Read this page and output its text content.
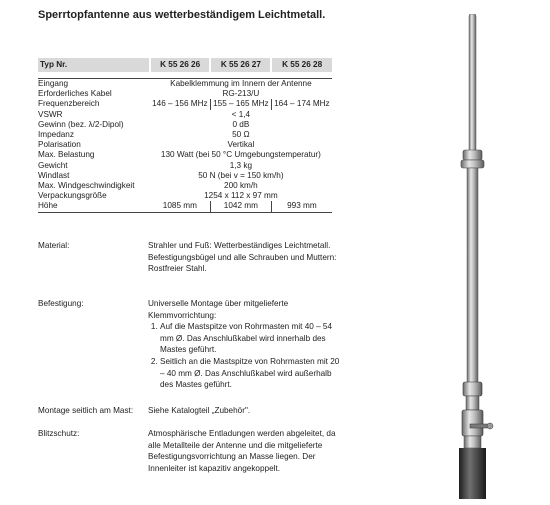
Sperrtopfantenne aus wetterbeständigem Leichtmetall.
Typ Nr.	K 55 26 26	K 55 26 27	K 55 26 28

Eingang	Kabelklemmung im Innern der Antenne		
Erforderliches Kabel	RG-213/U		
Frequenzbereich	146 – 156 MHz	155 – 165 MHz	164 – 174 MHz
VSWR	< 1,4		
Gewinn (bez. λ/2-Dipol)	0 dB		
Impedanz	50 Ω		
Polarisation	Vertikal		
Max. Belastung	130 Watt (bei 50 °C Umgebungstemperatur)		
Gewicht	1,3 kg		
Windlast	50 N (bei v = 150 km/h)		
Max. Windgeschwindigkeit	200 km/h		
Verpackungsgröße	1254 x 112 x 97 mm		
Höhe	1085 mm	1042 mm	993 mm
Material:	Strahler und Fuß: Wetterbeständiges Leichtmetall.

Befestigungsbügel und alle Schrauben und Muttern: Rostfreier Stahl.

Befestigung:	Universelle Montage über mitgelieferte Klemmvorrichtung:

1. Auf die Mastspitze von Rohrmasten mit 40 – 54 mm Ø. Das Anschlußkabel wird innerhalb des Mastes geführt.
2. Seitlich an die Mastspitze von Rohrmasten mit 20 – 40 mm Ø. Das Anschlußkabel wird außerhalb des Mastes geführt.
Montage seitlich am Mast:	Siehe Katalogteil „Zubehör".
Blitzschutz:	Atmosphärische Entladungen werden abgeleitet, da alle Metallteile der Antenne und die mitgelieferte Befestigungsvorrichtung an Masse liegen. Der Innenleiter ist kapazitiv angekoppelt.
